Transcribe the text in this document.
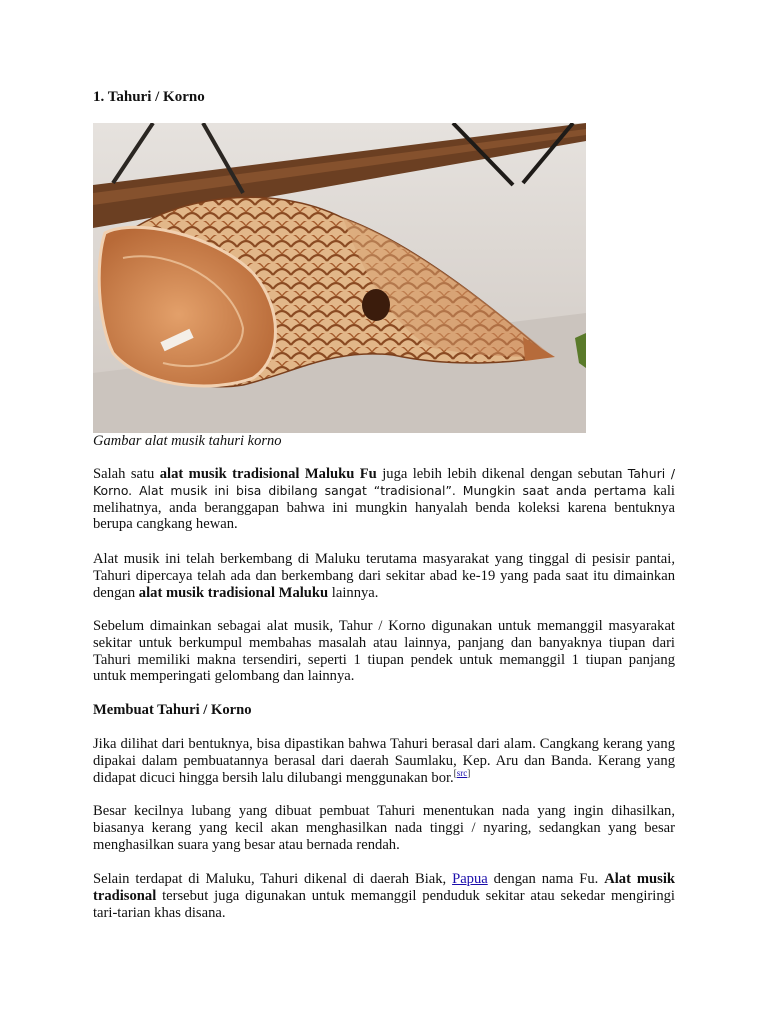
1. Tahuri / Korno
Gambar alat musik tahuri korno

Salah satu alat musik tradisional Maluku Fu juga lebih lebih dikenal dengan sebutan Tahuri / Korno. Alat musik ini bisa dibilang sangat “tradisional”. Mungkin saat anda pertama kali melihatnya, anda beranggapan bahwa ini mungkin hanyalah benda koleksi karena bentuknya berupa cangkang hewan.

Alat musik ini telah berkembang di Maluku terutama masyarakat yang tinggal di pesisir pantai, Tahuri dipercaya telah ada dan berkembang dari sekitar abad ke-19 yang pada saat itu dimainkan dengan alat musik tradisional Maluku lainnya.

Sebelum dimainkan sebagai alat musik, Tahur / Korno digunakan untuk memanggil masyarakat sekitar untuk berkumpul membahas masalah atau lainnya, panjang dan banyaknya tiupan dari Tahuri memiliki makna tersendiri, seperti 1 tiupan pendek untuk memanggil 1 tiupan panjang untuk memperingati gelombang dan lainnya.

Membuat Tahuri / Korno

Jika dilihat dari bentuknya, bisa dipastikan bahwa Tahuri berasal dari alam. Cangkang kerang yang dipakai dalam pembuatannya berasal dari daerah Saumlaku, Kep. Aru dan Banda. Kerang yang didapat dicuci hingga bersih lalu dilubangi menggunakan bor.[src]

Besar kecilnya lubang yang dibuat pembuat Tahuri menentukan nada yang ingin dihasilkan, biasanya kerang yang kecil akan menghasilkan nada tinggi / nyaring, sedangkan yang besar menghasilkan suara yang besar atau bernada rendah.

Selain terdapat di Maluku, Tahuri dikenal di daerah Biak, Papua dengan nama Fu. Alat musik tradisonal tersebut juga digunakan untuk memanggil penduduk sekitar atau sekedar mengiringi tari-tarian khas disana.
